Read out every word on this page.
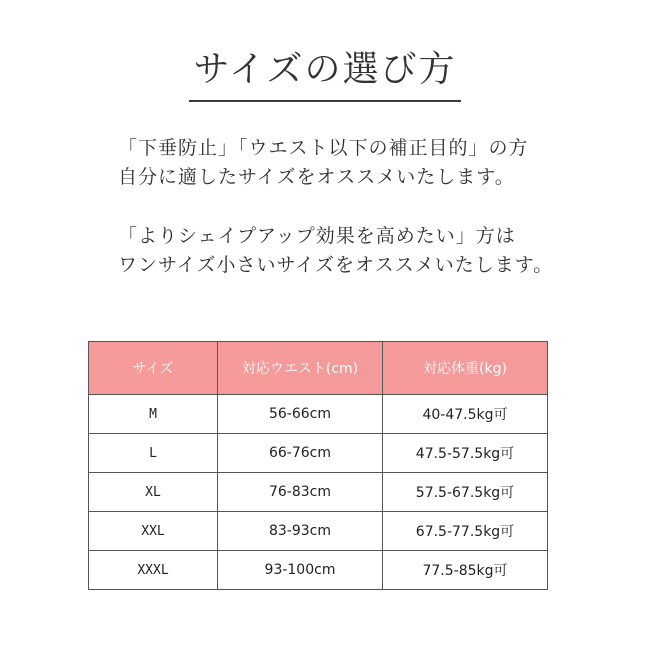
サイズの選び方
「下垂防止」「ウエスト以下の補正目的」の方
自分に適したサイズをオススメいたします。
「よりシェイプアップ効果を高めたい」方は
ワンサイズ小さいサイズをオススメいたします。
サイズ	対応ウエスト(cm)	対応体重(kg)
M	56-66cm	40-47.5kg可
L	66-76cm	47.5-57.5kg可
XL	76-83cm	57.5-67.5kg可
XXL	83-93cm	67.5-77.5kg可
XXXL	93-100cm	77.5-85kg可
